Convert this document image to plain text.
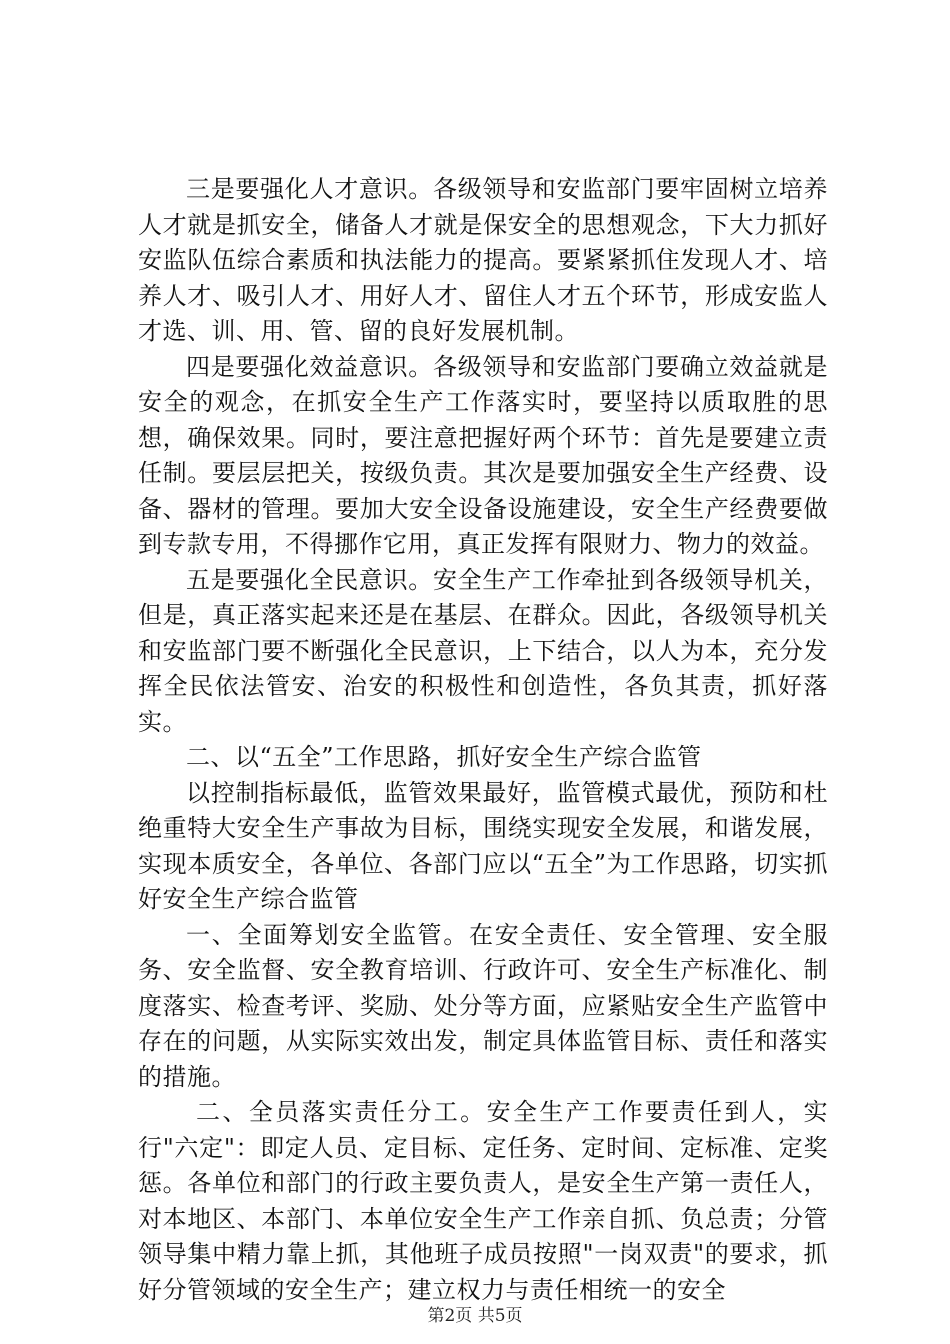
三是要强化人才意识。各级领导和安监部门要牢固树立培养人才就是抓安全，储备人才就是保安全的思想观念，下大力抓好安监队伍综合素质和执法能力的提高。要紧紧抓住发现人才、培养人才、吸引人才、用好人才、留住人才五个环节，形成安监人才选、训、用、管、留的良好发展机制。

四是要强化效益意识。各级领导和安监部门要确立效益就是安全的观念，在抓安全生产工作落实时，要坚持以质取胜的思想，确保效果。同时，要注意把握好两个环节：首先是要建立责任制。要层层把关，按级负责。其次是要加强安全生产经费、设备、器材的管理。要加大安全设备设施建设，安全生产经费要做到专款专用，不得挪作它用，真正发挥有限财力、物力的效益。

五是要强化全民意识。安全生产工作牵扯到各级领导机关，但是，真正落实起来还是在基层、在群众。因此，各级领导机关和安监部门要不断强化全民意识，上下结合，以人为本，充分发挥全民依法管安、治安的积极性和创造性，各负其责，抓好落实。

二、以“五全”工作思路，抓好安全生产综合监管

以控制指标最低，监管效果最好，监管模式最优，预防和杜绝重特大安全生产事故为目标，围绕实现安全发展，和谐发展，实现本质安全，各单位、各部门应以“五全”为工作思路，切实抓好安全生产综合监管

一、全面筹划安全监管。在安全责任、安全管理、安全服务、安全监督、安全教育培训、行政许可、安全生产标准化、制度落实、检查考评、奖励、处分等方面，应紧贴安全生产监管中存在的问题，从实际实效出发，制定具体监管目标、责任和落实的措施。

二、全员落实责任分工。安全生产工作要责任到人，实行"六定"：即定人员、定目标、定任务、定时间、定标准、定奖惩。各单位和部门的行政主要负责人，是安全生产第一责任人，对本地区、本部门、本单位安全生产工作亲自抓、负总责；分管领导集中精力靠上抓，其他班子成员按照"一岗双责"的要求，抓好分管领域的安全生产；建立权力与责任相统一的安全

第2页 共5页
